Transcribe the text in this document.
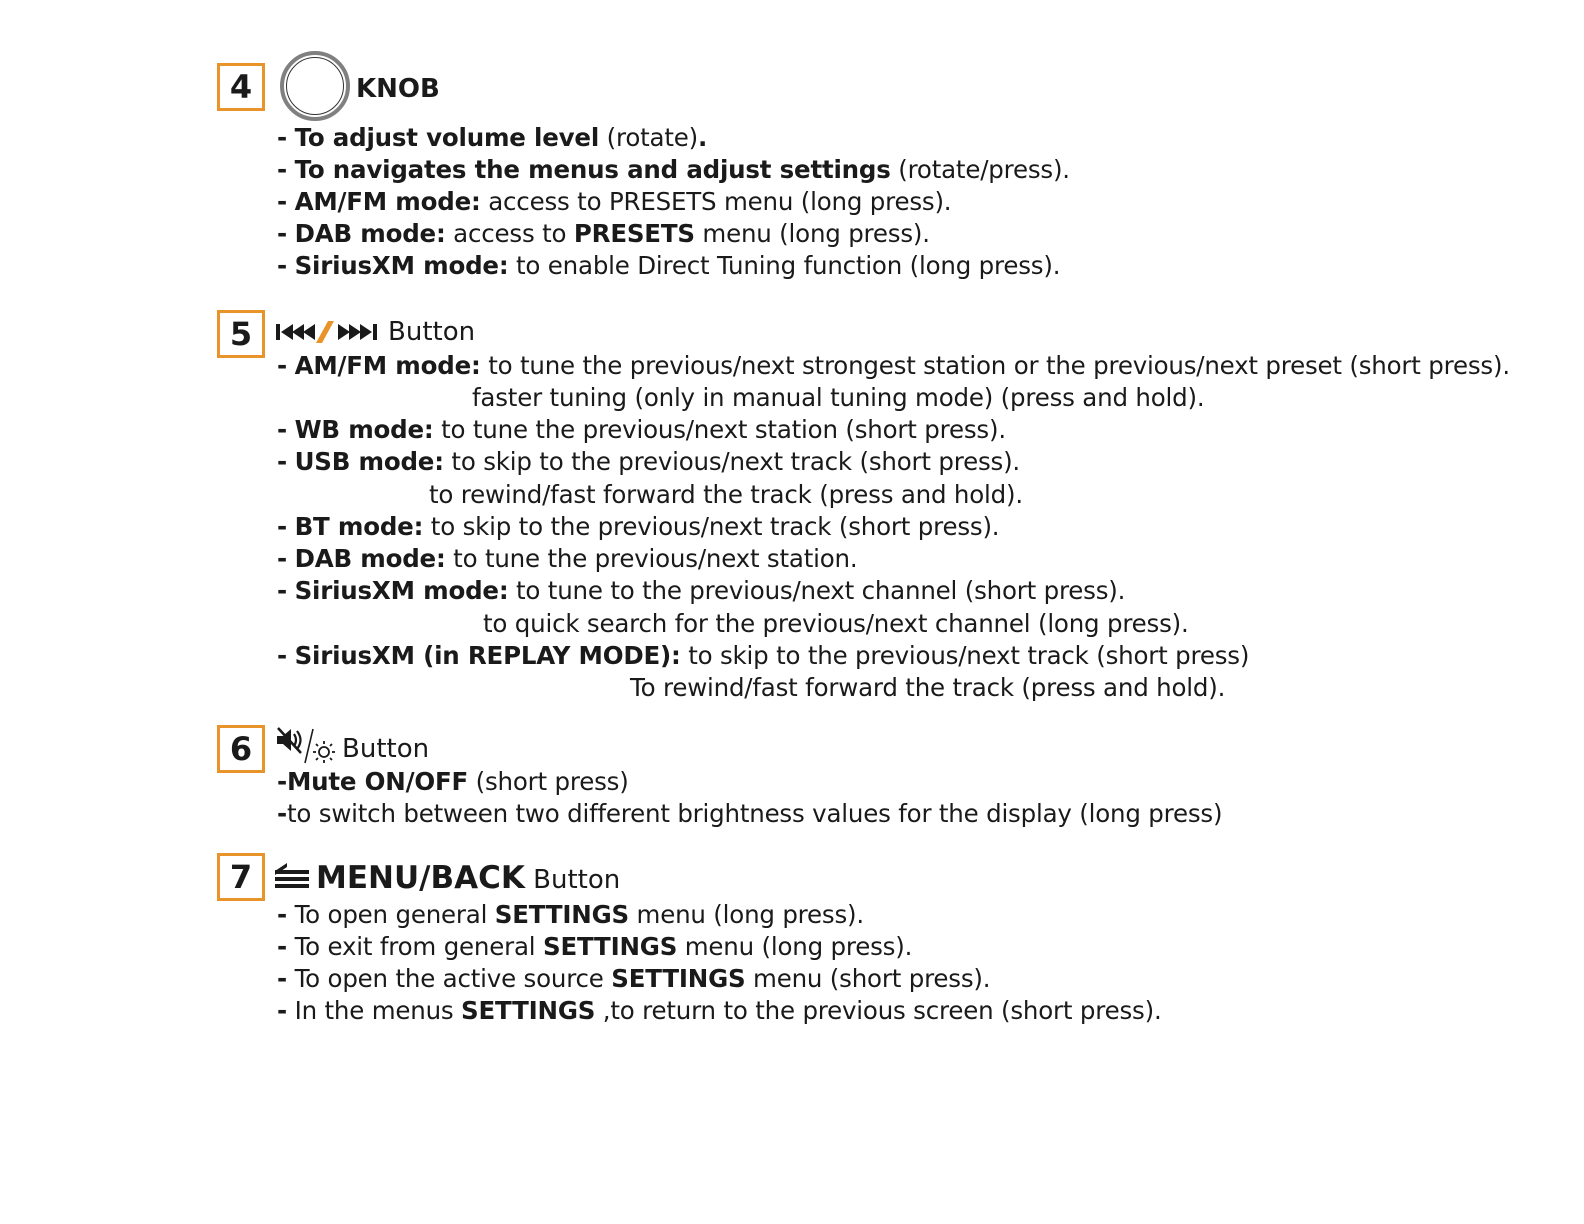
4	KNOB
- To adjust volume level (rotate).
- To navigates the menus and adjust settings (rotate/press).
- AM/FM mode: access to PRESETS menu (long press).
- DAB mode: access to PRESETS menu (long press).
- SiriusXM mode: to enable Direct Tuning function (long press).
5	Button
- AM/FM mode: to tune the previous/next strongest station or the previous/next preset (short press).
faster tuning (only in manual tuning mode) (press and hold).
- WB mode: to tune the previous/next station (short press).
- USB mode: to skip to the previous/next track (short press).
to rewind/fast forward the track (press and hold).
- BT mode: to skip to the previous/next track (short press).
- DAB mode: to tune the previous/next station.
- SiriusXM mode: to tune to the previous/next channel (short press).
to quick search for the previous/next channel (long press).
- SiriusXM (in REPLAY MODE): to skip to the previous/next track (short press)
To rewind/fast forward the track (press and hold).
6	Button
-Mute ON/OFF (short press)
-to switch between two different brightness values for the display (long press)
7	MENU/BACK Button
- To open general SETTINGS menu (long press).
- To exit from general SETTINGS menu (long press).
- To open the active source SETTINGS menu (short press).
- In the menus SETTINGS ,to return to the previous screen (short press).
